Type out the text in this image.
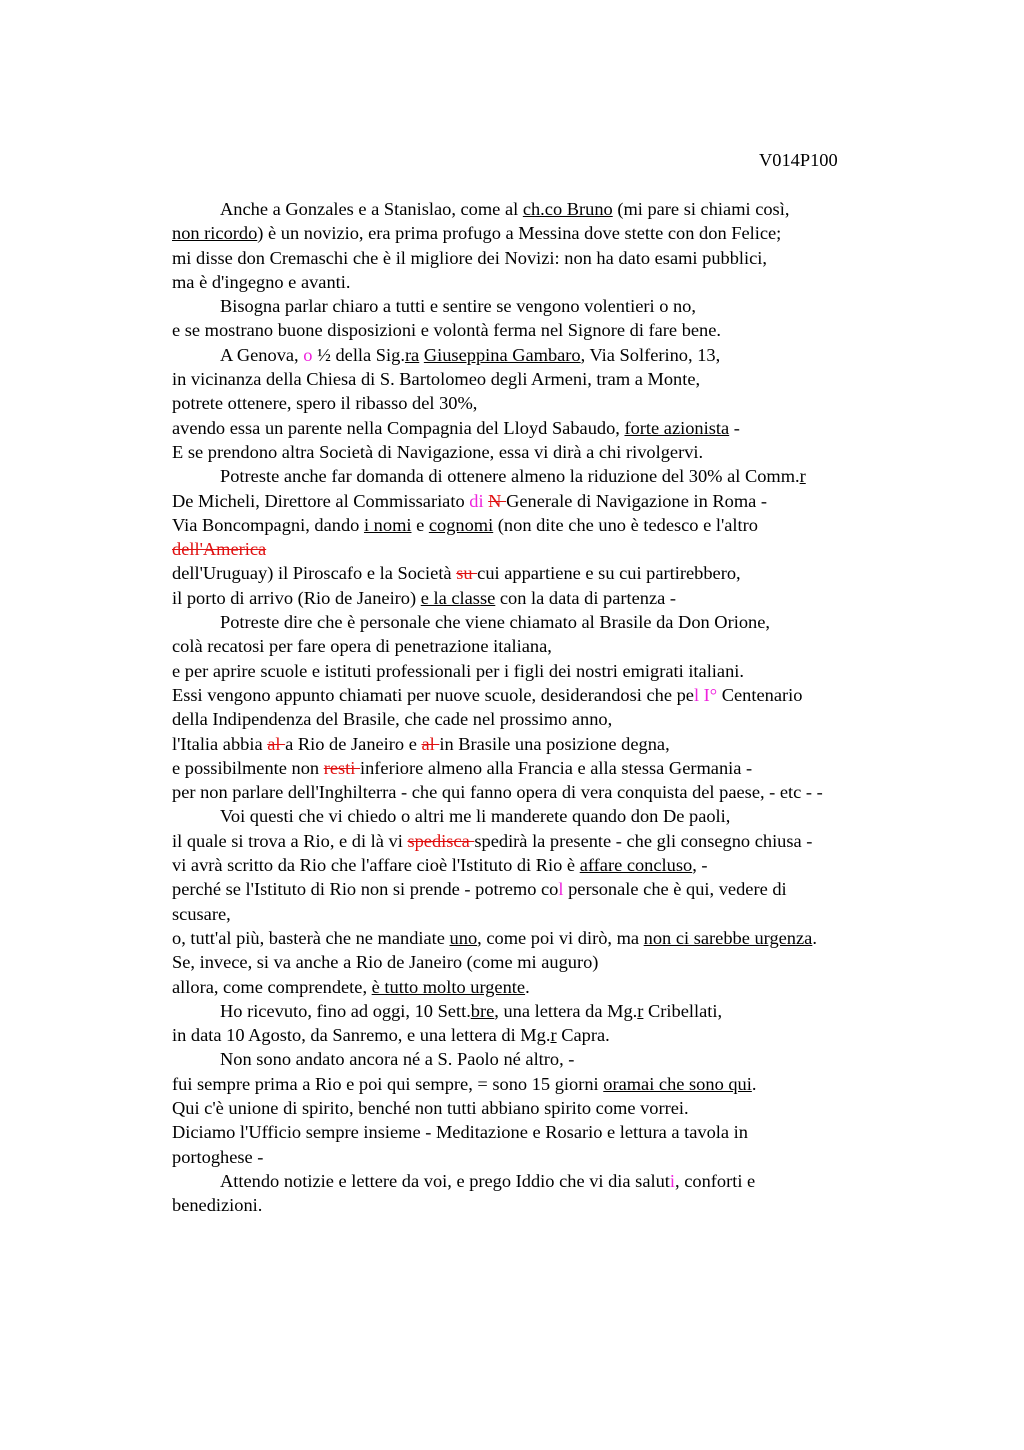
V014P100
Anche a Gonzales e a Stanislao, come al ch.co Bruno (mi pare si chiami così,
non ricordo) è un novizio, era prima profugo a Messina dove stette con don Felice;
mi disse don Cremaschi che è il migliore dei Novizi: non ha dato esami pubblici,
ma è d'ingegno e avanti.
Bisogna parlar chiaro a tutti e sentire se vengono volentieri o no,
e se mostrano buone disposizioni e volontà ferma nel Signore di fare bene.
A Genova, o ½ della Sig.ra Giuseppina Gambaro, Via Solferino, 13,
in vicinanza della Chiesa di S. Bartolomeo degli Armeni, tram a Monte,
potrete ottenere, spero il ribasso del 30%,
avendo essa un parente nella Compagnia del Lloyd Sabaudo, forte azionista -
E se prendono altra Società di Navigazione, essa vi dirà a chi rivolgervi.
Potreste anche far domanda di ottenere almeno la riduzione del 30% al Comm.r
De Micheli, Direttore al Commissariato di N Generale di Navigazione in Roma -
Via Boncompagni, dando i nomi e cognomi (non dite che uno è tedesco e l'altro
dell'America
dell'Uruguay) il Piroscafo e la Società su cui appartiene e su cui partirebbero,
il porto di arrivo (Rio de Janeiro) e la classe con la data di partenza -
Potreste dire che è personale che viene chiamato al Brasile da Don Orione,
colà recatosi per fare opera di penetrazione italiana,
e per aprire scuole e istituti professionali per i figli dei nostri emigrati italiani.
Essi vengono appunto chiamati per nuove scuole, desiderandosi che pel I° Centenario
della Indipendenza del Brasile, che cade nel prossimo anno,
l'Italia abbia al a Rio de Janeiro e al in Brasile una posizione degna,
e possibilmente non resti inferiore almeno alla Francia e alla stessa Germania -
per non parlare dell'Inghilterra - che qui fanno opera di vera conquista del paese, - etc - -
Voi questi che vi chiedo o altri me li manderete quando don De paoli,
il quale si trova a Rio, e di là vi spedisca spedirà la presente - che gli consegno chiusa -
vi avrà scritto da Rio che l'affare cioè l'Istituto di Rio è affare concluso, -
perché se l'Istituto di Rio non si prende - potremo col personale che è qui, vedere di
scusare,
o, tutt'al più, basterà che ne mandiate uno, come poi vi dirò, ma non ci sarebbe urgenza.
Se, invece, si va anche a Rio de Janeiro (come mi auguro)
allora, come comprendete, è tutto molto urgente.
Ho ricevuto, fino ad oggi, 10 Sett.bre, una lettera da Mg.r Cribellati,
in data 10 Agosto, da Sanremo, e una lettera di Mg.r Capra.
Non sono andato ancora né a S. Paolo né altro, -
fui sempre prima a Rio e poi qui sempre, = sono 15 giorni oramai che sono qui.
Qui c'è unione di spirito, benché non tutti abbiano spirito come vorrei.
Diciamo l'Ufficio sempre insieme - Meditazione e Rosario e lettura a tavola in
portoghese -
Attendo notizie e lettere da voi, e prego Iddio che vi dia saluti, conforti e
benedizioni.
